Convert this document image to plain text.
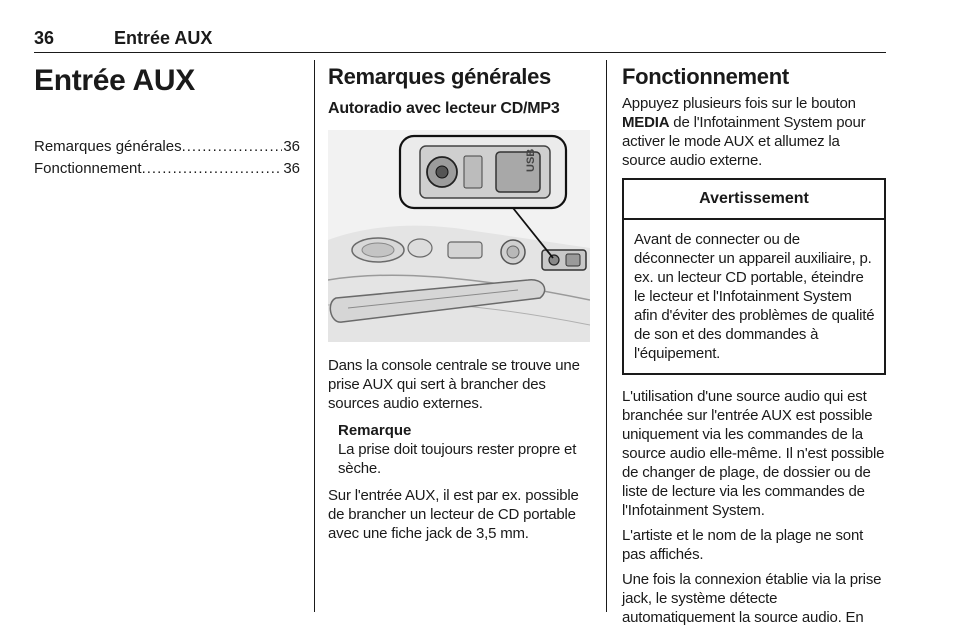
36	Entrée AUX
Entrée AUX
Remarques générales .....	36
Fonctionnement .....	36
Remarques générales
Autoradio avec lecteur CD/MP3
USB

Dans la console centrale se trouve une prise AUX qui sert à brancher des sources audio externes.

Remarque
La prise doit toujours rester propre et sèche.

Sur l'entrée AUX, il est par ex. possible de brancher un lecteur de CD portable avec une fiche jack de 3,5 mm.

Fonctionnement

Appuyez plusieurs fois sur le bouton MEDIA de l'Infotainment System pour activer le mode AUX et allumez la source audio externe.

Avertissement
Avant de connecter ou de déconnecter un appareil auxiliaire, p. ex. un lecteur CD portable, éteindre le lecteur et l'Infotainment System afin d'éviter des problèmes de qualité de son et des dommandes à l'équipement.

L'utilisation d'une source audio qui est branchée sur l'entrée AUX est possible uniquement via les commandes de la source audio elle-même. Il n'est possible de changer de plage, de dossier ou de liste de lecture via les commandes de l'Infotainment System.

L'artiste et le nom de la plage ne sont pas affichés.

Une fois la connexion établie via la prise jack, le système détecte automatiquement la source audio. En
